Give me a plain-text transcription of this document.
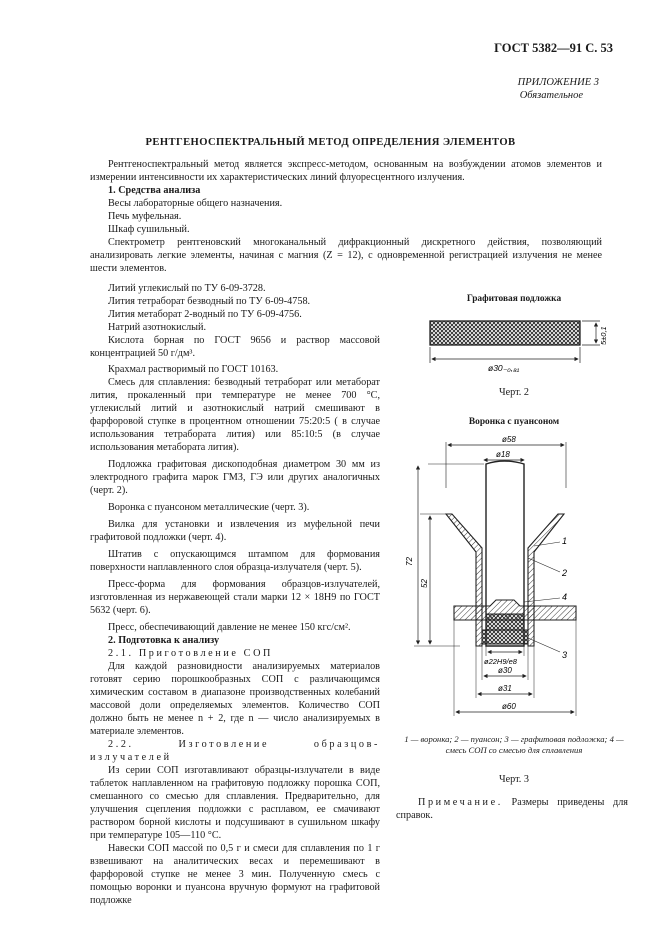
ГОСТ 5382—91 С. 53
ПРИЛОЖЕНИЕ 3
Обязательное
РЕНТГЕНОСПЕКТРАЛЬНЫЙ МЕТОД ОПРЕДЕЛЕНИЯ ЭЛЕМЕНТОВ

Рентгеноспектральный метод является экспресс-методом, основанным на возбуждении атомов элементов и измерении интенсивности их характеристических линий флуоресцентного излучения.

1. Средства анализа

Весы лабораторные общего назначения.

Печь муфельная.

Шкаф сушильный.

Спектрометр рентгеновский многоканальный дифракционный дискретного действия, позволяющий анализировать легкие элементы, начиная с магния (Z = 12), с одновременной регистрацией излучения не менее шести элементов.

Литий углекислый по ТУ 6-09-3728.

Лития тетраборат безводный по ТУ 6-09-4758.

Лития метаборат 2-водный по ТУ 6-09-4756.

Натрий азотнокислый.

Кислота борная по ГОСТ 9656 и раствор массовой концентрацией 50 г/дм³.

Крахмал растворимый по ГОСТ 10163.

Смесь для сплавления: безводный тетраборат или метаборат лития, прокаленный при температуре не менее 700 °С, углекислый литий и азотнокислый натрий смешивают в фарфоровой ступке в процентном отношении 75:20:5 ( в случае использования тетрабората лития) или 85:10:5 (в случае использования метабората лития).

Подложка графитовая дископодобная диаметром 30 мм из электродного графита марок ГМЗ, ГЭ или других аналогичных (черт. 2).

Воронка с пуансоном металлические (черт. 3).

Вилка для установки и извлечения из муфельной печи графитовой подложки (черт. 4).

Штатив с опускающимся штампом для формования поверхности наплавленного слоя образца-излучателя (черт. 5).

Пресс-форма для формования образцов-излучателей, изготовленная из нержавеющей стали марки 12 × 18Н9 по ГОСТ 5632 (черт. 6).

Пресс, обеспечивающий давление не менее 150 кгс/см².

2. Подготовка к анализу

2.1. Приготовление СОП

Для каждой разновидности анализируемых материалов готовят серию порошкообразных СОП с различающимся химическим составом в диапазоне производственных колебаний массовой доли определяемых элементов. Количество СОП должно быть не менее n + 2, где n — число анализируемых в материале элементов.

2.2. Изготовление образцов-излучателей

Из серии СОП изготавливают образцы-излучатели в виде таблеток наплавленном на графитовую подложку порошка СОП, смешанного со смесью для сплавления. Предварительно, для улучшения сцепления подложки с расплавом, ее смачивают раствором борной кислоты и подсушивают в сушильном шкафу при температуре 105—110 °С.

Навески СОП массой по 0,5 г и смеси для сплавления по 1 г взвешивают на аналитических весах и перемешивают в фарфоровой ступке не менее 3 мин. Полученную смесь с помощью воронки и пуансона вручную формуют на графитовой подложке

Графитовая подложка
ø30₋₀,₈₁
5±0,1
Черт. 2
Воронка с пуансоном
ø58
ø18
72
52
1
2
4
3
ø22H9/e8
ø30
ø31
ø60
1 — воронка; 2 — пуансон; 3 — графитовая подложка; 4 — смесь СОП со смесью для сплавления
Черт. 3
Примечание. Размеры приведены для справок.
